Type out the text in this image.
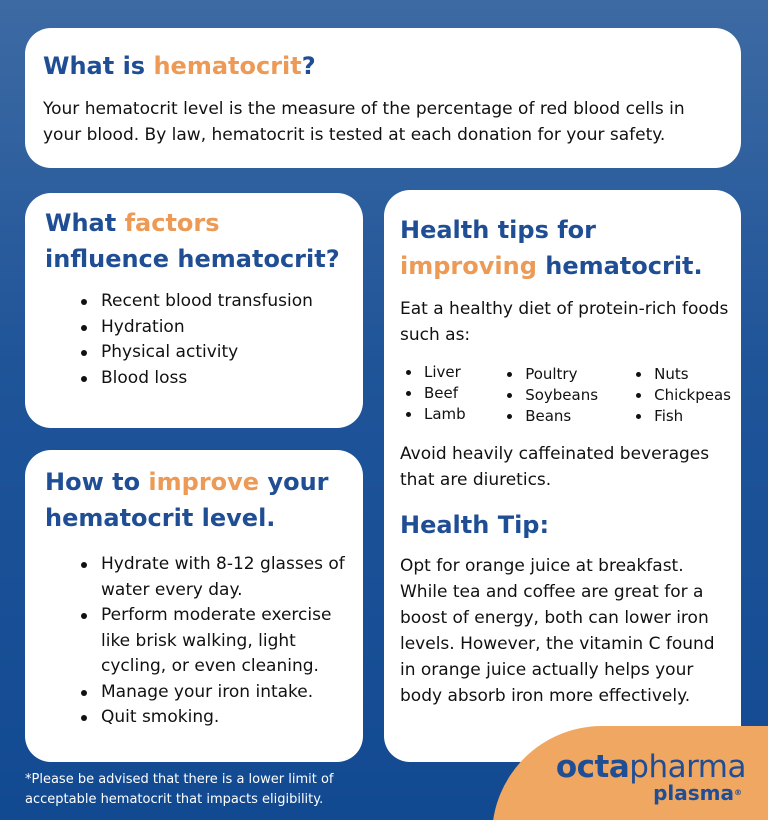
What is hematocrit?

Your hematocrit level is the measure of the percentage of red blood cells in your blood. By law, hematocrit is tested at each donation for your safety.

What factors influence hematocrit?
Recent blood transfusion
Hydration
Physical activity
Blood loss
How to improve your hematocrit level.
Hydrate with 8-12 glasses of water every day.
Perform moderate exercise like brisk walking, light cycling, or even cleaning.
Manage your iron intake.
Quit smoking.
Health tips for
improving hematocrit.

Eat a healthy diet of protein-rich foods such as:

Liver
Beef
Lamb
Poultry
Soybeans
Beans
Nuts
Chickpeas
Fish

Avoid heavily caffeinated beverages that are diuretics.

Health Tip:

Opt for orange juice at breakfast. While tea and coffee are great for a boost of energy, both can lower iron levels. However, the vitamin C found in orange juice actually helps your body absorb iron more effectively.

*Please be advised that there is a lower limit of acceptable hematocrit that impacts eligibility.

octapharma
plasma®
